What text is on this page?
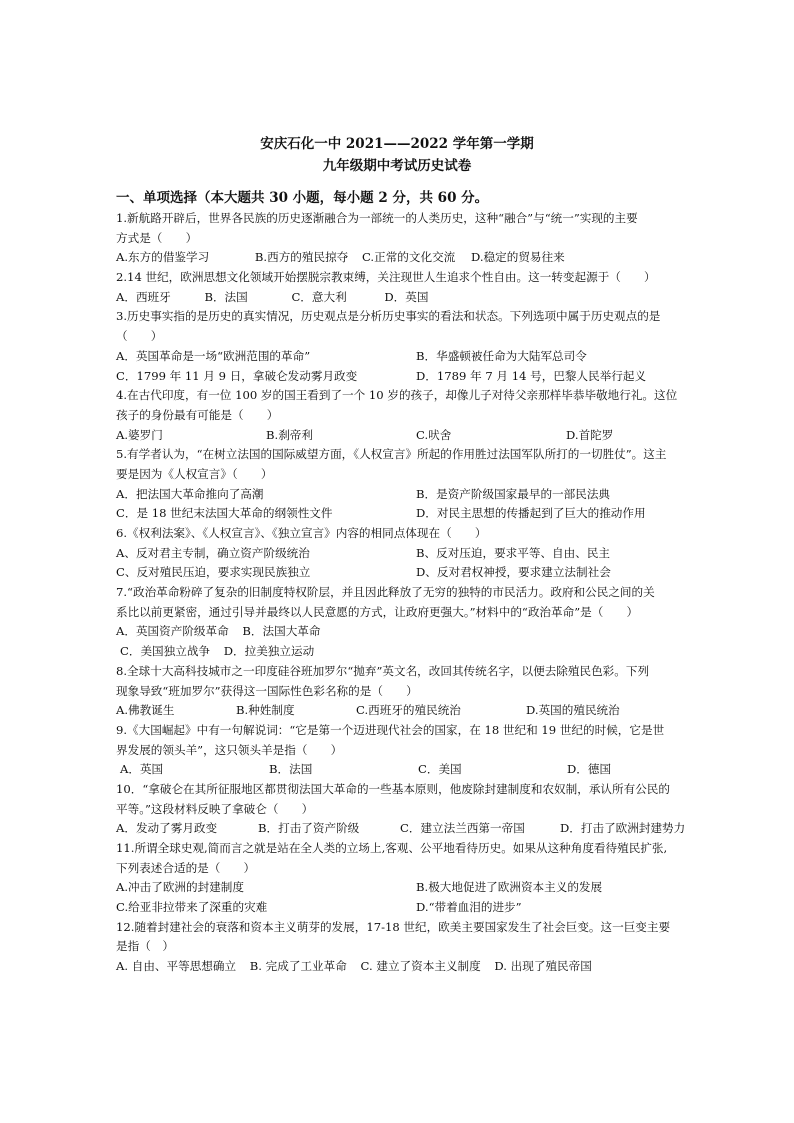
安庆石化一中 2021——2022 学年第一学期
九年级期中考试历史试卷
一、单项选择（本大题共 30 小题，每小题 2 分，共 60 分。
1.新航路开辟后，世界各民族的历史逐渐融合为一部统一的人类历史，这种“融合”与“统一”实现的主要
方式是（　　）
A.东方的借鉴学习	B.西方的殖民掠夺 C.正常的文化交流 D.稳定的贸易往来
2.14 世纪，欧洲思想文化领域开始摆脱宗教束缚，关注现世人生追求个性自由。这一转变起源于（　　）
A．西班牙	B．法国	C．意大利	D．英国
3.历史事实指的是历史的真实情况，历史观点是分析历史事实的看法和状态。下列选项中属于历史观点的是
（　　）
A．英国革命是一场“欧洲范围的革命”	B．华盛顿被任命为大陆军总司令
C．1799 年 11 月 9 日，拿破仑发动雾月政变	D．1789 年 7 月 14 号，巴黎人民举行起义
4.在古代印度，有一位 100 岁的国王看到了一个 10 岁的孩子，却像儿子对待父亲那样毕恭毕敬地行礼。这位
孩子的身份最有可能是（　　）
A.婆罗门	B.刹帝利	C.吠舍	D.首陀罗
5.有学者认为，“在树立法国的国际威望方面，《人权宣言》所起的作用胜过法国军队所打的一切胜仗”。这主
要是因为《人权宣言》（　　）
A．把法国大革命推向了高潮	B．是资产阶级国家最早的一部民法典
C．是 18 世纪末法国大革命的纲领性文件	D．对民主思想的传播起到了巨大的推动作用
6.《权利法案》、《人权宣言》、《独立宣言》内容的相同点体现在（　　）
A、反对君主专制，确立资产阶级统治	B、反对压迫，要求平等、自由、民主
C、反对殖民压迫，要求实现民族独立	D、反对君权神授，要求建立法制社会
7.“政治革命粉碎了复杂的旧制度特权阶层，并且因此释放了无穷的独特的市民活力。政府和公民之间的关
系比以前更紧密，通过引导并最终以人民意愿的方式，让政府更强大。”材料中的“政治革命”是（　　）
A．英国资产阶级革命 B．法国大革命
C．美国独立战争 D．拉美独立运动
8.全球十大高科技城市之一印度硅谷班加罗尔“抛弃”英文名，改回其传统名字，以便去除殖民色彩。下列
现象导致“班加罗尔”获得这一国际性色彩名称的是（　　）
A.佛教诞生	B.种姓制度	C.西班牙的殖民统治	D.英国的殖民统治
9.《大国崛起》中有一句解说词：“它是第一个迈进现代社会的国家，在 18 世纪和 19 世纪的时候，它是世
界发展的领头羊”，这只领头羊是指（　　）
A．英国	B．法国	C．美国	D．德国
10．“拿破仑在其所征服地区都贯彻法国大革命的一些基本原则，他废除封建制度和农奴制，承认所有公民的
平等。”这段材料反映了拿破仑（　　）
A．发动了雾月政变	B．打击了资产阶级	C．建立法兰西第一帝国	D．打击了欧洲封建势力
11.所谓全球史观,简而言之就是站在全人类的立场上,客观、公平地看待历史。如果从这种角度看待殖民扩张,
下列表述合适的是（　　）
A.冲击了欧洲的封建制度	B.极大地促进了欧洲资本主义的发展
C.给亚非拉带来了深重的灾难	D.“带着血泪的进步”
12.随着封建社会的衰落和资本主义萌芽的发展，17-18 世纪，欧美主要国家发生了社会巨变。这一巨变主要
是指（　）
A. 自由、平等思想确立 B. 完成了工业革命 C. 建立了资本主义制度 D. 出现了殖民帝国
